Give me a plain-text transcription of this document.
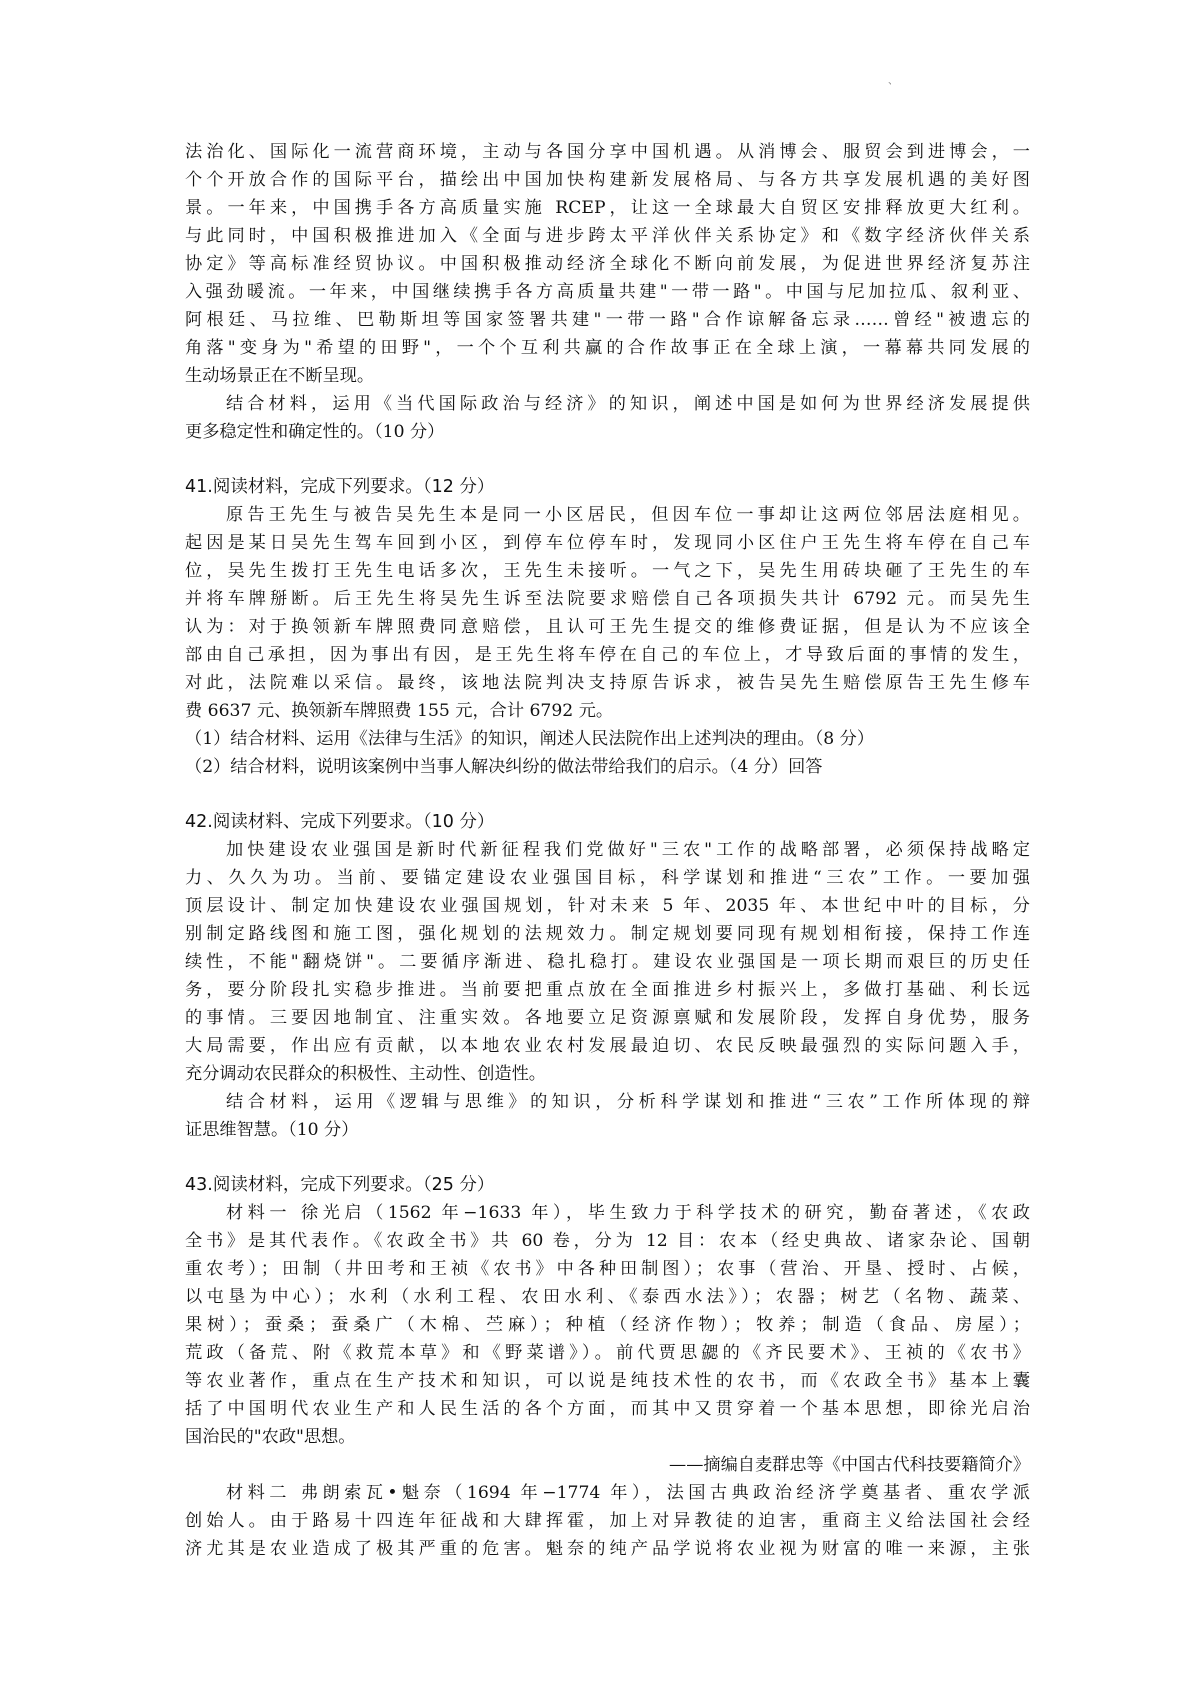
、
法治化、国际化一流营商环境，主动与各国分享中国机遇。从消博会、服贸会到进博会，一
个个开放合作的国际平台，描绘出中国加快构建新发展格局、与各方共享发展机遇的美好图
景。一年来，中国携手各方高质量实施 RCEP，让这一全球最大自贸区安排释放更大红利。
与此同时，中国积极推进加入《全面与进步跨太平洋伙伴关系协定》和《数字经济伙伴关系
协定》等高标准经贸协议。中国积极推动经济全球化不断向前发展，为促进世界经济复苏注
入强劲暖流。一年来，中国继续携手各方高质量共建"一带一路"。中国与尼加拉瓜、叙利亚、
阿根廷、马拉维、巴勒斯坦等国家签署共建"一带一路"合作谅解备忘录……曾经"被遗忘的
角落"变身为"希望的田野"，一个个互利共赢的合作故事正在全球上演，一幕幕共同发展的
生动场景正在不断呈现。
结合材料，运用《当代国际政治与经济》的知识，阐述中国是如何为世界经济发展提供
更多稳定性和确定性的。（10 分）
41.阅读材料，完成下列要求。（12 分）
原告王先生与被告吴先生本是同一小区居民，但因车位一事却让这两位邻居法庭相见。
起因是某日吴先生驾车回到小区，到停车位停车时，发现同小区住户王先生将车停在自己车
位，吴先生拨打王先生电话多次，王先生未接听。一气之下，吴先生用砖块砸了王先生的车
并将车牌掰断。后王先生将吴先生诉至法院要求赔偿自己各项损失共计 6792 元。而吴先生
认为：对于换领新车牌照费同意赔偿，且认可王先生提交的维修费证据，但是认为不应该全
部由自己承担，因为事出有因，是王先生将车停在自己的车位上，才导致后面的事情的发生，
对此，法院难以采信。最终，该地法院判决支持原告诉求，被告吴先生赔偿原告王先生修车
费 6637 元、换领新车牌照费 155 元，合计 6792 元。
（1）结合材料、运用《法律与生活》的知识，阐述人民法院作出上述判决的理由。（8 分）
（2）结合材料，说明该案例中当事人解决纠纷的做法带给我们的启示。（4 分）回答
42.阅读材料、完成下列要求。（10 分）
加快建设农业强国是新时代新征程我们党做好"三农"工作的战略部署，必须保持战略定
力、久久为功。当前、要锚定建设农业强国目标，科学谋划和推进“三农”工作。一要加强
顶层设计、制定加快建设农业强国规划，针对未来 5 年、2035 年、本世纪中叶的目标，分
别制定路线图和施工图，强化规划的法规效力。制定规划要同现有规划相衔接，保持工作连
续性，不能"翻烧饼"。二要循序渐进、稳扎稳打。建设农业强国是一项长期而艰巨的历史任
务，要分阶段扎实稳步推进。当前要把重点放在全面推进乡村振兴上，多做打基础、利长远
的事情。三要因地制宜、注重实效。各地要立足资源禀赋和发展阶段，发挥自身优势，服务
大局需要，作出应有贡献，以本地农业农村发展最迫切、农民反映最强烈的实际问题入手，
充分调动农民群众的积极性、主动性、创造性。
结合材料，运用《逻辑与思维》的知识，分析科学谋划和推进“三农”工作所体现的辩
证思维智慧。（10 分）
43.阅读材料，完成下列要求。（25 分）
材料一 徐光启（1562 年−1633 年），毕生致力于科学技术的研究，勤奋著述，《农政
全书》是其代表作。《农政全书》共 60 卷，分为 12 目：农本（经史典故、诸家杂论、国朝
重农考）；田制（井田考和王祯《农书》中各种田制图）；农事（营治、开垦、授时、占候，
以屯垦为中心）；水利（水利工程、农田水利、《泰西水法》）；农器；树艺（名物、蔬菜、
果树）；蚕桑；蚕桑广（木棉、苎麻）；种植（经济作物）；牧养；制造（食品、房屋）；
荒政（备荒、附《救荒本草》和《野菜谱》）。前代贾思勰的《齐民要术》、王祯的《农书》
等农业著作，重点在生产技术和知识，可以说是纯技术性的农书，而《农政全书》基本上囊
括了中国明代农业生产和人民生活的各个方面，而其中又贯穿着一个基本思想，即徐光启治
国治民的"农政"思想。
——摘编自麦群忠等《中国古代科技要籍简介》
材料二 弗朗索瓦•魁奈（1694 年−1774 年），法国古典政治经济学奠基者、重农学派
创始人。由于路易十四连年征战和大肆挥霍，加上对异教徒的迫害，重商主义给法国社会经
济尤其是农业造成了极其严重的危害。魁奈的纯产品学说将农业视为财富的唯一来源，主张
